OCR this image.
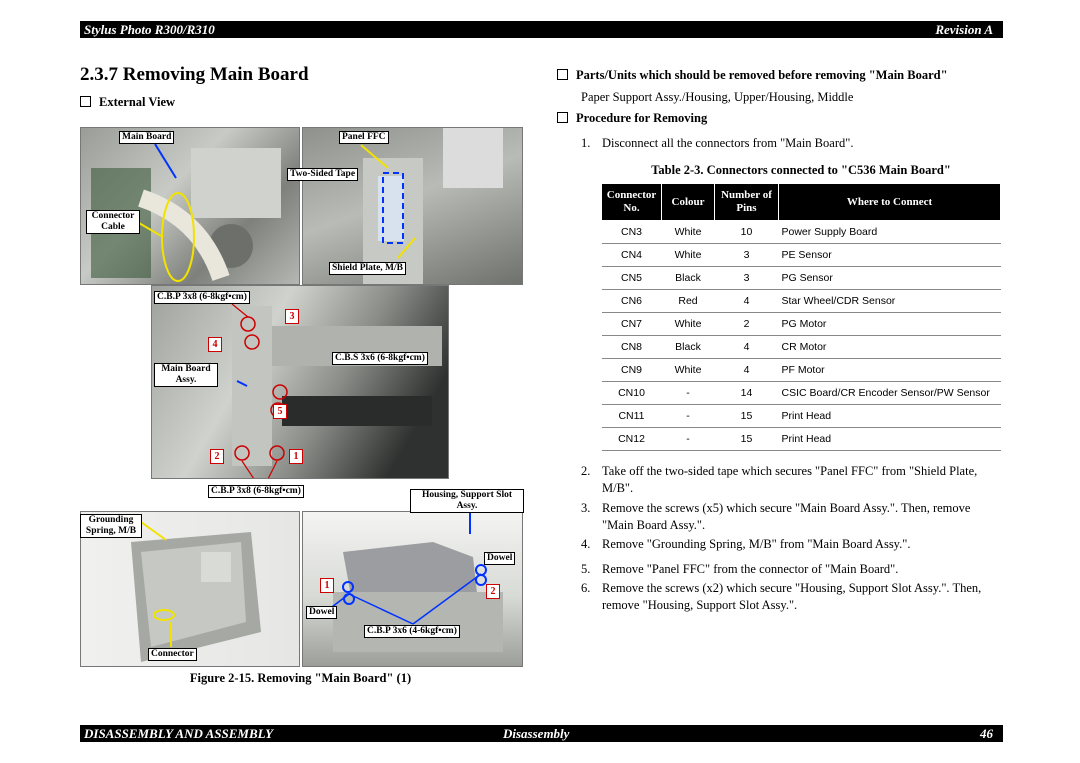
Stylus Photo R300/R310	Revision A
2.3.7 Removing Main Board
External View
Main Board
Connector Cable
Panel FFC
Two-Sided Tape
Shield Plate, M/B
C.B.P 3x8 (6-8kgf•cm)
C.B.S 3x6 (6-8kgf•cm)
Main Board Assy.
3
4
5
2	1
C.B.P 3x8 (6-8kgf•cm)
Grounding Spring, M/B
Connector
Housing, Support Slot Assy.
Dowel
Dowel
C.B.P 3x6 (4-6kgf•cm)
1
2
Figure 2-15. Removing "Main Board" (1)
Parts/Units which should be removed before removing "Main Board"
Paper Support Assy./Housing, Upper/Housing, Middle
Procedure for Removing
1. Disconnect all the connectors from "Main Board".
Table 2-3. Connectors connected to "C536 Main Board"
Connector No.	Colour	Number of Pins	Where to Connect
CN3	White	10	Power Supply Board
CN4	White	3	PE Sensor
CN5	Black	3	PG Sensor
CN6	Red	4	Star Wheel/CDR Sensor
CN7	White	2	PG Motor
CN8	Black	4	CR Motor
CN9	White	4	PF Motor
CN10	-	14	CSIC Board/CR Encoder Sensor/PW Sensor
CN11	-	15	Print Head
CN12	-	15	Print Head
2. Take off the two-sided tape which secures "Panel FFC" from "Shield Plate, M/B".
3. Remove the screws (x5) which secure "Main Board Assy.". Then, remove "Main Board Assy.".
4. Remove "Grounding Spring, M/B" from "Main Board Assy.".
5. Remove "Panel FFC" from the connector of "Main Board".
6. Remove the screws (x2) which secure "Housing, Support Slot Assy.". Then, remove "Housing, Support Slot Assy.".
DISASSEMBLY AND ASSEMBLY	Disassembly	46
